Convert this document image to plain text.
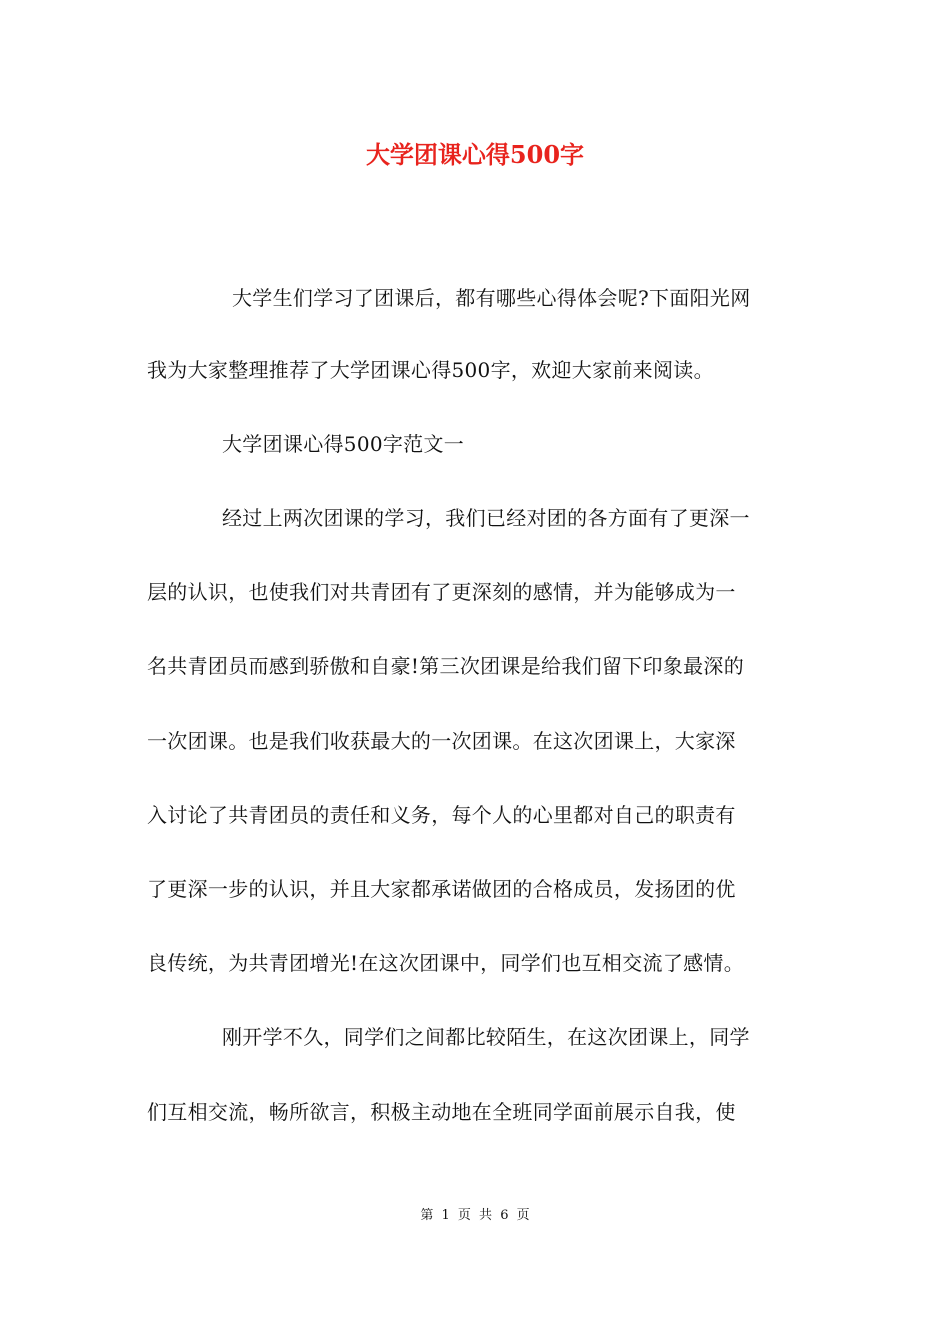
大学团课心得500字
大学生们学习了团课后，都有哪些心得体会呢?下面阳光网
我为大家整理推荐了大学团课心得500字，欢迎大家前来阅读。
大学团课心得500字范文一
经过上两次团课的学习，我们已经对团的各方面有了更深一
层的认识，也使我们对共青团有了更深刻的感情，并为能够成为一
名共青团员而感到骄傲和自豪!第三次团课是给我们留下印象最深的
一次团课。也是我们收获最大的一次团课。在这次团课上，大家深
入讨论了共青团员的责任和义务，每个人的心里都对自己的职责有
了更深一步的认识，并且大家都承诺做团的合格成员，发扬团的优
良传统，为共青团增光!在这次团课中，同学们也互相交流了感情。
刚开学不久，同学们之间都比较陌生，在这次团课上，同学
们互相交流，畅所欲言，积极主动地在全班同学面前展示自我，使
第 1 页 共 6 页
